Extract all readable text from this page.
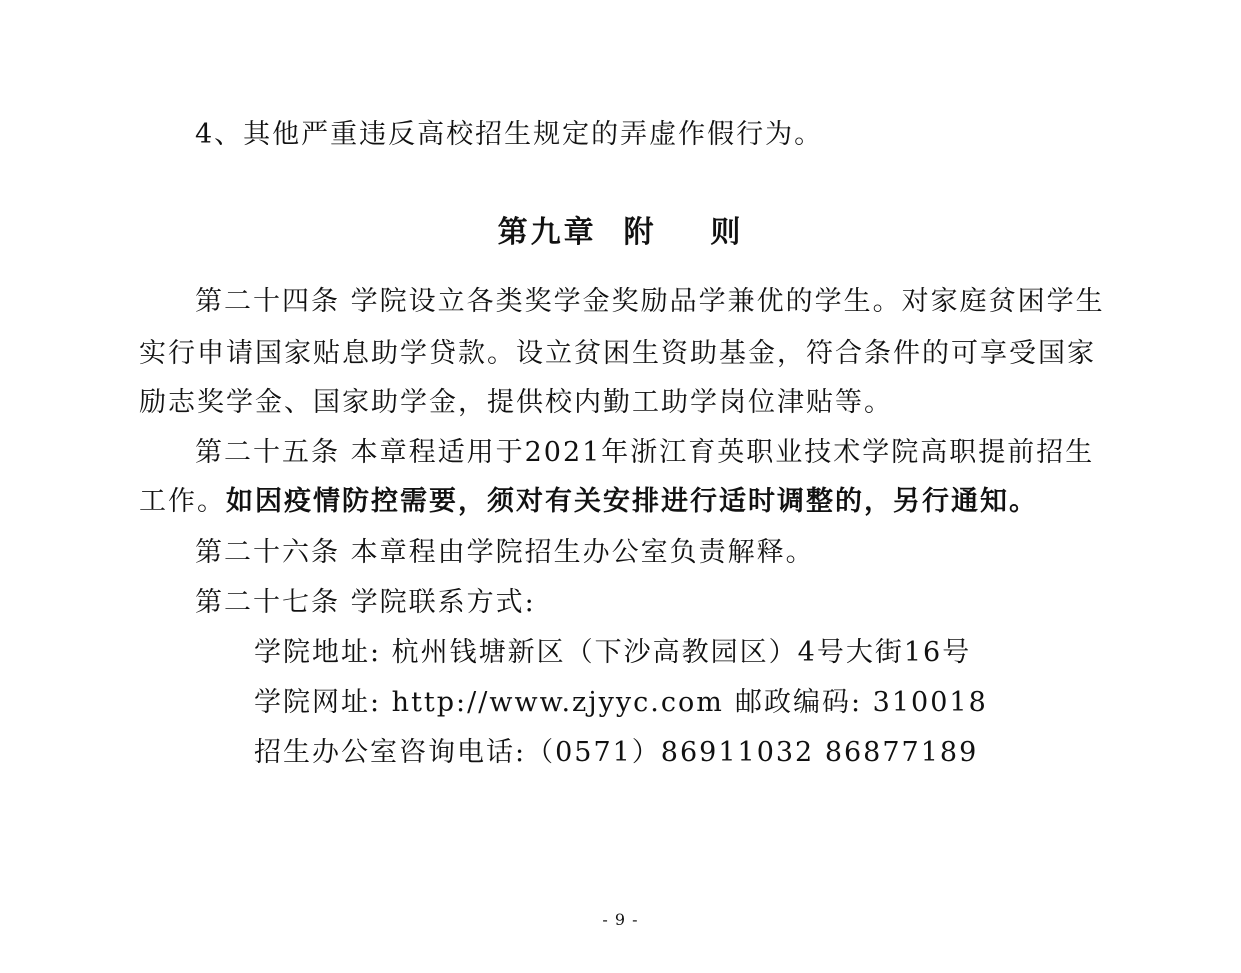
4、其他严重违反高校招生规定的弄虚作假行为。
第九章  附    则
第二十四条 学院设立各类奖学金奖励品学兼优的学生。对家庭贫困学生
实行申请国家贴息助学贷款。设立贫困生资助基金，符合条件的可享受国家
励志奖学金、国家助学金，提供校内勤工助学岗位津贴等。
第二十五条 本章程适用于2021年浙江育英职业技术学院高职提前招生
工作。如因疫情防控需要，须对有关安排进行适时调整的，另行通知。
第二十六条 本章程由学院招生办公室负责解释。
第二十七条 学院联系方式:
学院地址: 杭州钱塘新区（下沙高教园区）4号大街16号
学院网址: http://www.zjyyc.com 邮政编码: 310018
招生办公室咨询电话:（0571）86911032 86877189
- 9 -
